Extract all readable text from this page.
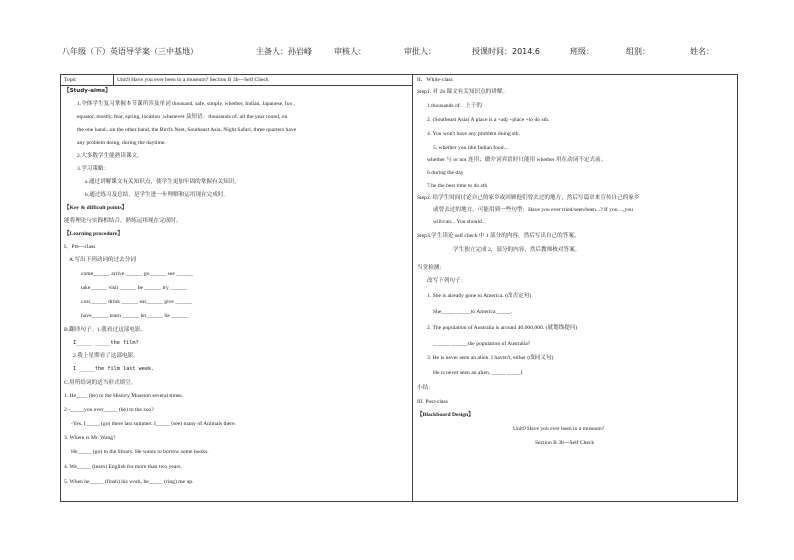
八年级（下）英语导学案（三中基地）	主备人：孙岩峰	审核人：	审批人：	授课时间：2014.6	班级：	组别：	姓名：
Topic	Unit9 Have you ever been to a museum? Section B 3b---Self Check
【Study-aims】
1.全体学生复习掌握本节课所涉及单词 thousand, safe, simply, whether, Indian, Japanese, fox ,
equator, mostly, fear, spring, location ,whenever 及短语：thousands of, all the year round, on
the one hand...on the other hand, the Bird's Nest, Southeast Asia, Night Safari, three quarters have
any problem doing, during the daytime.
2.大多数学生能熟读课文。
3.学习策略：
a.通过讲解课文有关知识点，使学生更加牢固的掌握有关知识。
b.通过练习及总结，是学生进一步理解和运用现在完成时。
【Key & difficult points】
能将理论与实践相结合，熟练运用现在完成时。
【Learning procedure】
I、Pre---class
A.写出下列动词的过去分词
come______ arrive ______ go______ see ______
take______ visit ______ be ______ try ______
cost______ drink ______ eat______ give ______
have______ learn ______ let______ lie ______
B.翻译句子。1.我看过这部电影。
I_____ _____the film?
2.我上星期看了这部电影。
I _____the film last week.
C.用所给词的适当形式填空。
1. He____ (be) to the History Museum several times.
2.-_____you ever_____ (be) to the zoo?
-Yes. I_____ (go) there last summer. I_____ (see) many of Animals there.
3. Where is Mr. Wang?
He_____ (go) to the library. He wants to borrow some books.
4. We_____ (learn) English for more than two years.
5. When he_____ (finsh) his work, he_____ (ring) me up.
II、While-class
Step1. 对 2b 课文有关知识点的讲解。
1.thousands of：上千的
2. (Southeast Asia) A place is a +adj +place +to do sth.
4. You won't have any problem doing sth.
5. whether you like Indian food...
whether 与 or not 连用；做介词宾语时只能用 whether 用在动词不定式前。
6.during the day
7.be the best time to do sth
Step2. 给学生时间讨论自己的家乡或回顾他们曾去过的地方，然后写篇章来宣传自己的家乡
或曾去过的地方。可能用到一些句型：Have you ever tried/seen/been...? If you ...,you
will/can... You should...
Step3.学生读论 self check 中 1 部分的内容，然后写出自己的答案。
学生独立完成 2，部分的内容，然后教师核对答案。
当堂检测：
改写下列句子：
1. She is already gone to America. (改否定句)
She_____ _____to America _____.
2. The population of Australia is around 40,000,000. (就划线提问)
______ ______the population of Australia?
3. He is never seen an alien. I haven't, either (改同义句)
He is never seen an alien, _____ _____I
小结：
III. Post-class
【Blackboard Design】
Unit9 Have you ever been to a museum?
Section B 3b---Self Check
